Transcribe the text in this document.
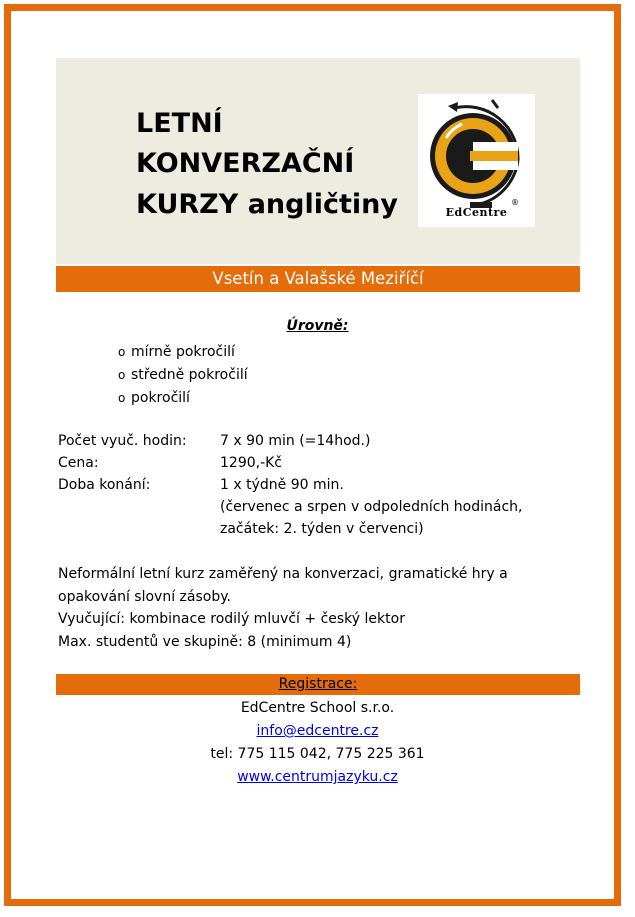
LETNÍ
KONVERZAČNÍ
KURZY angličtiny	EdCentre
®
Vsetín a Valašské Meziříčí
Úrovně:
o mírně pokročilí
o středně pokročilí
o pokročilí
Počet vyuč. hodin: 7 x 90 min (=14hod.)
Cena:	1290,-Kč
Doba konání:	1 x týdně 90 min.
(červenec a srpen v odpoledních hodinách,
začátek: 2. týden v červenci)

Neformální letní kurz zaměřený na konverzaci, gramatické hry a opakování slovní zásoby.

Vyučující: kombinace rodilý mluvčí + český lektor

Max. studentů ve skupině: 8 (minimum 4)

Registrace:
EdCentre School s.r.o.
info@edcentre.cz
tel: 775 115 042, 775 225 361
www.centrumjazyku.cz
